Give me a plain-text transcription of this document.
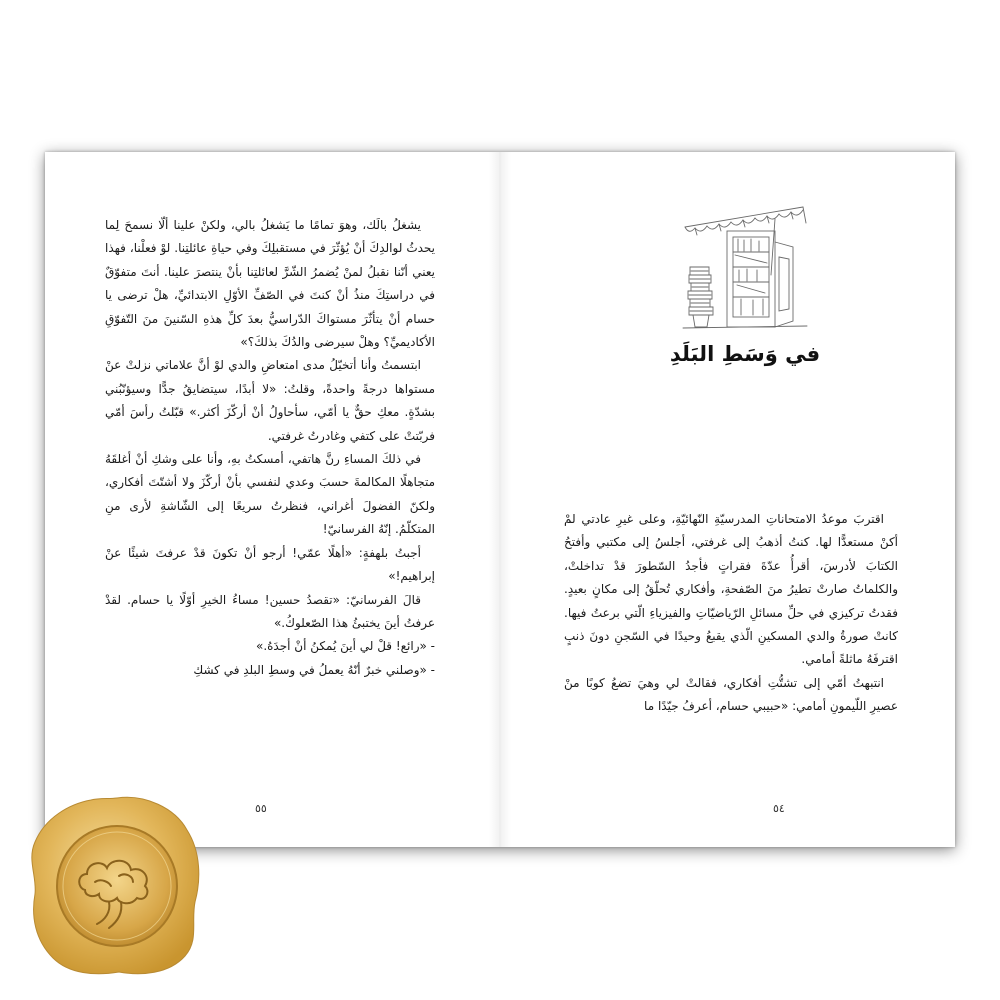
يشغلُ بالَك، وهوَ تمامًا ما يَشغلُ بالي، ولكنْ علينا ألّا نسمحَ لِما يحدثُ لوالدِكَ أنْ يُؤثّرَ في مستقبلِكَ وفي حياةِ عائلتِنا. لوْ فعلْنا، فهذا يعني أنّنا نقبلُ لمنْ يُضمرُ الشّرَّ لعائلتِنا بأنْ ينتصرَ علينا. أنتَ متفوّقٌ في دراستِكَ منذُ أنْ كنتَ في الصّفِّ الأوّلِ الابتدائيِّ، هلْ ترضى يا حسام أنْ يتأثّرَ مستواكَ الدّراسيُّ بعدَ كلِّ هذهِ السّنينَ منَ التّفوّقِ الأكاديميِّ؟ وهلْ سيرضى والدُكَ بذلكَ؟»

ابتسمتُ وأنا أتخيّلُ مدى امتعاضِ والدي لوْ أنَّ علاماتي نزلتْ عنْ مستواها درجةً واحدةً، وقلتُ: «لا أبدًا، سيتضايقُ جدًّا وسيؤنّبُني بشدّةٍ. معكِ حقٌّ يا أمّي، سأحاولُ أنْ أركّزَ أكثر.» قبّلتُ رأسَ أمّي فربّتتْ على كتفي وغادرتُ غرفتي.

في ذلكَ المساءِ رنَّ هاتفي، أمسكتُ بهِ، وأنا على وشكِ أنْ أغلقَهُ متجاهلًا المكالمةَ حسبَ وعدي لنفسي بأنْ أركّزَ ولا أشتّتَ أفكاري، ولكنّ الفضولَ أغراني، فنظرتُ سريعًا إلى الشّاشةِ لأرى منِ المتكلّمُ. إنّهُ الفرسانيّ!

أجبتُ بلهفةٍ: «أهلًا عمّي! أرجو أنْ تكونَ قدْ عرفتَ شيئًا عنْ إبراهيم!»

قالَ الفرسانيّ: «تقصدُ حسين! مساءُ الخيرِ أوّلًا يا حسام. لقدْ عرفتُ أينَ يختبئُ هذا الصّعلوكُ.»

- «رائع! قلْ لي أينَ يُمكنُ أنْ أجدَهُ.»

- «وصلني خبرٌ أنّهُ يعملُ في وسطِ البلدِ في كشكِ

٥٥
في وَسَطِ البَلَدِ

اقتربَ موعدُ الامتحاناتِ المدرسيّةِ النّهائيّةِ، وعلى غيرِ عادتي لمْ أكنْ مستعدًّا لها. كنتُ أذهبُ إلى غرفتي، أجلسُ إلى مكتبي وأفتحُ الكتابَ لأدرسَ، أقرأُ عدّةَ فقراتٍ فأجدُ السّطورَ قدْ تداخلتْ، والكلماتُ صارتْ تطيرُ منَ الصّفحةِ، وأفكاري تُحلّقُ إلى مكانٍ بعيدٍ. فقدتُ تركيزي في حلِّ مسائلِ الرّياضيّاتِ والفيزياءِ الّتي برعتُ فيها. كانتْ صورةُ والدي المسكينِ الّذي يقبعُ وحيدًا في السّجنِ دونَ ذنبٍ اقترفَهُ ماثلةً أمامي.

انتبهتُ أمّي إلى تشتُّتِ أفكاري، فقالتْ لي وهيَ تضعُ كوبًا منْ عصيرِ اللّيمونِ أمامي: «حبيبي حسام، أعرفُ جيّدًا ما

٥٤
